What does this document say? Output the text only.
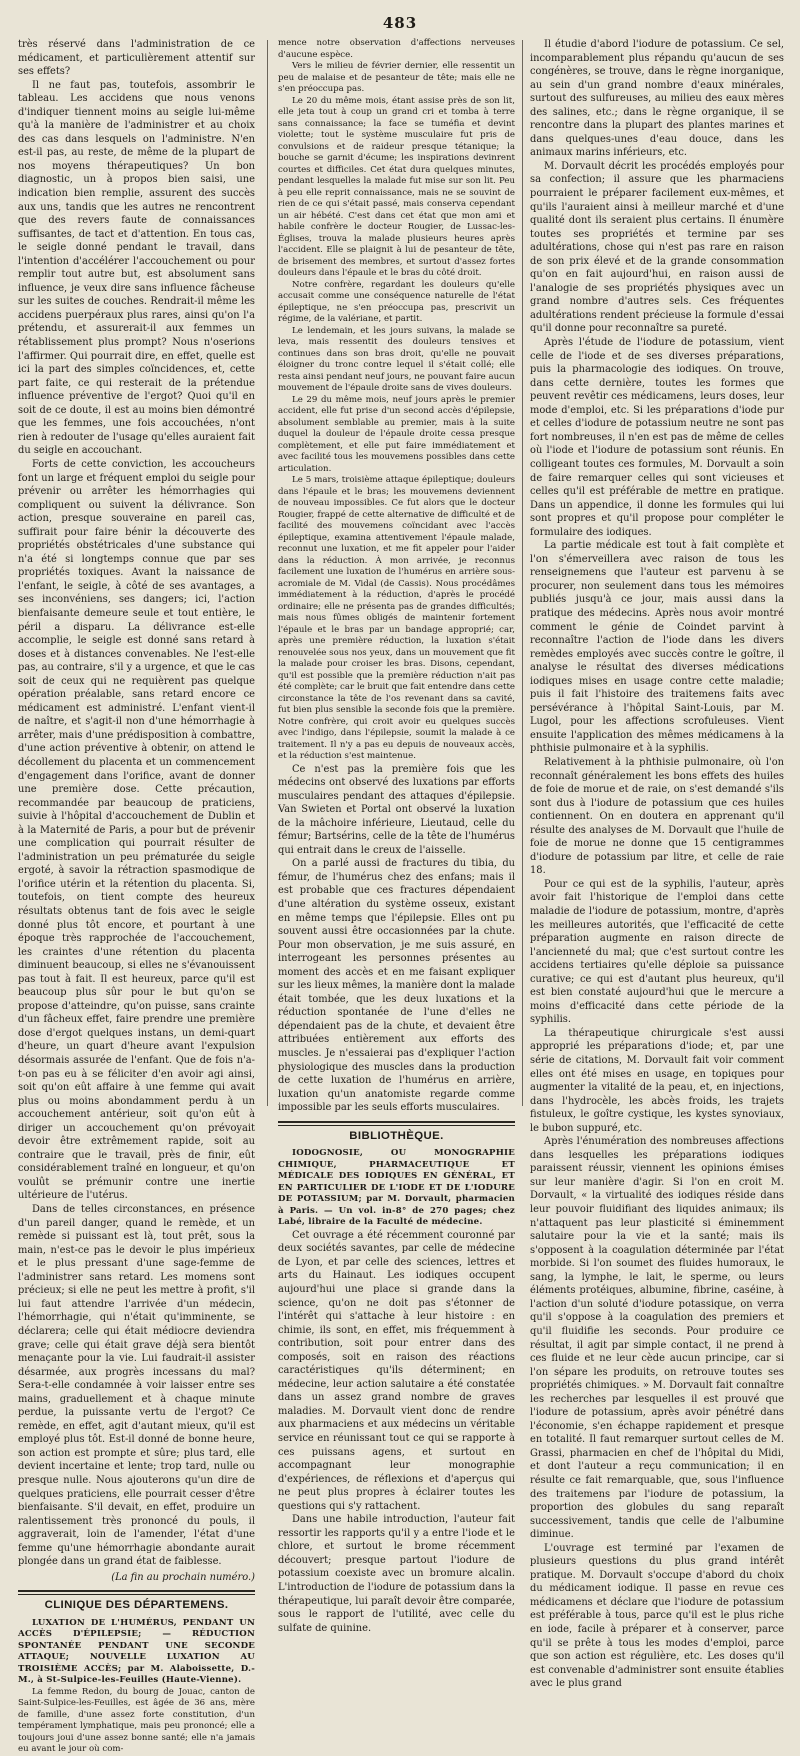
483

très réservé dans l'administration de ce médicament, et particulièrement attentif sur ses effets?

Il ne faut pas, toutefois, assombrir le tableau. Les accidens que nous venons d'indiquer tiennent moins au seigle lui-même qu'à la manière de l'administrer et au choix des cas dans lesquels on l'administre. N'en est-il pas, au reste, de même de la plupart de nos moyens thérapeutiques? Un bon diagnostic, un à propos bien saisi, une indication bien remplie, assurent des succès aux uns, tandis que les autres ne rencontrent que des revers faute de connaissances suffisantes, de tact et d'attention. En tous cas, le seigle donné pendant le travail, dans l'intention d'accélérer l'accouchement ou pour remplir tout autre but, est absolument sans influence, je veux dire sans influence fâcheuse sur les suites de couches. Rendrait-il même les accidens puerpéraux plus rares, ainsi qu'on l'a prétendu, et assurerait-il aux femmes un rétablissement plus prompt? Nous n'oserions l'affirmer. Qui pourrait dire, en effet, quelle est ici la part des simples coïncidences, et, cette part faite, ce qui resterait de la prétendue influence préventive de l'ergot? Quoi qu'il en soit de ce doute, il est au moins bien démontré que les femmes, une fois accouchées, n'ont rien à redouter de l'usage qu'elles auraient fait du seigle en accouchant.

Forts de cette conviction, les accoucheurs font un large et fréquent emploi du seigle pour prévenir ou arrêter les hémorrhagies qui compliquent ou suivent la délivrance. Son action, presque souveraine en pareil cas, suffirait pour faire bénir la découverte des propriétés obstétricales d'une substance qui n'a été si longtemps connue que par ses propriétés toxiques. Avant la naissance de l'enfant, le seigle, à côté de ses avantages, a ses inconvéniens, ses dangers; ici, l'action bienfaisante demeure seule et tout entière, le péril a disparu. La délivrance est-elle accomplie, le seigle est donné sans retard à doses et à distances convenables. Ne l'est-elle pas, au contraire, s'il y a urgence, et que le cas soit de ceux qui ne requièrent pas quelque opération préalable, sans retard encore ce médicament est administré. L'enfant vient-il de naître, et s'agit-il non d'une hémorrhagie à arrêter, mais d'une prédisposition à combattre, d'une action préventive à obtenir, on attend le décollement du placenta et un commencement d'engagement dans l'orifice, avant de donner une première dose. Cette précaution, recommandée par beaucoup de praticiens, suivie à l'hôpital d'accouchement de Dublin et à la Maternité de Paris, a pour but de prévenir une complication qui pourrait résulter de l'administration un peu prématurée du seigle ergoté, à savoir la rétraction spasmodique de l'orifice utérin et la rétention du placenta. Si, toutefois, on tient compte des heureux résultats obtenus tant de fois avec le seigle donné plus tôt encore, et pourtant à une époque très rapprochée de l'accouchement, les craintes d'une rétention du placenta diminuent beaucoup, si elles ne s'évanouissent pas tout à fait. Il est heureux, parce qu'il est beaucoup plus sûr pour le but qu'on se propose d'atteindre, qu'on puisse, sans crainte d'un fâcheux effet, faire prendre une première dose d'ergot quelques instans, un demi-quart d'heure, un quart d'heure avant l'expulsion désormais assurée de l'enfant. Que de fois n'a-t-on pas eu à se féliciter d'en avoir agi ainsi, soit qu'on eût affaire à une femme qui avait plus ou moins abondamment perdu à un accouchement antérieur, soit qu'on eût à diriger un accouchement qu'on prévoyait devoir être extrêmement rapide, soit au contraire que le travail, près de finir, eût considérablement traîné en longueur, et qu'on voulût se prémunir contre une inertie ultérieure de l'utérus.

Dans de telles circonstances, en présence d'un pareil danger, quand le remède, et un remède si puissant est là, tout prêt, sous la main, n'est-ce pas le devoir le plus impérieux et le plus pressant d'une sage-femme de l'administrer sans retard. Les momens sont précieux; si elle ne peut les mettre à profit, s'il lui faut attendre l'arrivée d'un médecin, l'hémorrhagie, qui n'était qu'imminente, se déclarera; celle qui était médiocre deviendra grave; celle qui était grave déjà sera bientôt menaçante pour la vie. Lui faudrait-il assister désarmée, aux progrès incessans du mal? Sera-t-elle condamnée à voir laisser entre ses mains, graduellement et à chaque minute perdue, la puissante vertu de l'ergot? Ce remède, en effet, agit d'autant mieux, qu'il est employé plus tôt. Est-il donné de bonne heure, son action est prompte et sûre; plus tard, elle devient incertaine et lente; trop tard, nulle ou presque nulle. Nous ajouterons qu'un dire de quelques praticiens, elle pourrait cesser d'être bienfaisante. S'il devait, en effet, produire un ralentissement très prononcé du pouls, il aggraverait, loin de l'amender, l'état d'une femme qu'une hémorrhagie abondante aurait plongée dans un grand état de faiblesse.

(La fin au prochain numéro.)
CLINIQUE DES DÉPARTEMENS.

LUXATION DE L'HUMÉRUS, PENDANT UN ACCÈS D'ÉPILEPSIE; — RÉDUCTION SPONTANÉE PENDANT UNE SECONDE ATTAQUE; NOUVELLE LUXATION AU TROISIÈME ACCÈS; par M. Alaboissette, D.-M., à St-Sulpice-les-Feuilles (Haute-Vienne).

La femme Redon, du bourg de Jouac, canton de Saint-Sulpice-les-Feuilles, est âgée de 36 ans, mère de famille, d'une assez forte constitution, d'un tempérament lymphatique, mais peu prononcé; elle a toujours joui d'une assez bonne santé; elle n'a jamais eu avant le jour où com-

mence notre observation d'affections nerveuses d'aucune espèce.

Vers le milieu de février dernier, elle ressentit un peu de malaise et de pesanteur de tête; mais elle ne s'en préoccupa pas.

Le 20 du même mois, étant assise près de son lit, elle jeta tout à coup un grand cri et tomba à terre sans connaissance; la face se tuméfia et devint violette; tout le système musculaire fut pris de convulsions et de raideur presque tétanique; la bouche se garnit d'écume; les inspirations devinrent courtes et difficiles. Cet état dura quelques minutes, pendant lesquelles la malade fut mise sur son lit. Peu à peu elle reprit connaissance, mais ne se souvint de rien de ce qui s'était passé, mais conserva cependant un air hébété. C'est dans cet état que mon ami et habile confrère le docteur Rougier, de Lussac-les-Églises, trouva la malade plusieurs heures après l'accident. Elle se plaignit à lui de pesanteur de tête, de brisement des membres, et surtout d'assez fortes douleurs dans l'épaule et le bras du côté droit.

Notre confrère, regardant les douleurs qu'elle accusait comme une conséquence naturelle de l'état épileptique, ne s'en préoccupa pas, prescrivit un régime, de la valériane, et partit.

Le lendemain, et les jours suivans, la malade se leva, mais ressentit des douleurs tensives et continues dans son bras droit, qu'elle ne pouvait éloigner du tronc contre lequel il s'était collé; elle resta ainsi pendant neuf jours, ne pouvant faire aucun mouvement de l'épaule droite sans de vives douleurs.

Le 29 du même mois, neuf jours après le premier accident, elle fut prise d'un second accès d'épilepsie, absolument semblable au premier, mais à la suite duquel la douleur de l'épaule droite cessa presque complètement, et elle put faire immédiatement et avec facilité tous les mouvemens possibles dans cette articulation.

Le 5 mars, troisième attaque épileptique; douleurs dans l'épaule et le bras; les mouvemens deviennent de nouveau impossibles. Ce fut alors que le docteur Rougier, frappé de cette alternative de difficulté et de facilité des mouvemens coïncidant avec l'accès épileptique, examina attentivement l'épaule malade, reconnut une luxation, et me fit appeler pour l'aider dans la réduction. À mon arrivée, je reconnus facilement une luxation de l'humérus en arrière sous-acromiale de M. Vidal (de Cassis). Nous procédâmes immédiatement à la réduction, d'après le procédé ordinaire; elle ne présenta pas de grandes difficultés; mais nous fûmes obligés de maintenir fortement l'épaule et le bras par un bandage approprié; car, après une première réduction, la luxation s'était renouvelée sous nos yeux, dans un mouvement que fit la malade pour croiser les bras. Disons, cependant, qu'il est possible que la première réduction n'ait pas été complète; car le bruit que fait entendre dans cette circonstance la tête de l'os revenant dans sa cavité, fut bien plus sensible la seconde fois que la première. Notre confrère, qui croit avoir eu quelques succès avec l'indigo, dans l'épilepsie, soumit la malade à ce traitement. Il n'y a pas eu depuis de nouveaux accès, et la réduction s'est maintenue.

Ce n'est pas la première fois que les médecins ont observé des luxations par efforts musculaires pendant des attaques d'épilepsie. Van Swieten et Portal ont observé la luxation de la mâchoire inférieure, Lieutaud, celle du fémur; Bartsérins, celle de la tête de l'humérus qui entrait dans le creux de l'aisselle.

On a parlé aussi de fractures du tibia, du fémur, de l'humérus chez des enfans; mais il est probable que ces fractures dépendaient d'une altération du système osseux, existant en même temps que l'épilepsie. Elles ont pu souvent aussi être occasionnées par la chute. Pour mon observation, je me suis assuré, en interrogeant les personnes présentes au moment des accès et en me faisant expliquer sur les lieux mêmes, la manière dont la malade était tombée, que les deux luxations et la réduction spontanée de l'une d'elles ne dépendaient pas de la chute, et devaient être attribuées entièrement aux efforts des muscles. Je n'essaierai pas d'expliquer l'action physiologique des muscles dans la production de cette luxation de l'humérus en arrière, luxation qu'un anatomiste regarde comme impossible par les seuls efforts musculaires.

BIBLIOTHÈQUE.

IODOGNOSIE, OU MONOGRAPHIE CHIMIQUE, PHARMACEUTIQUE ET MÉDICALE DES IODIQUES EN GÉNÉRAL, ET EN PARTICULIER DE L'IODE ET DE L'IODURE DE POTASSIUM; par M. Dorvault, pharmacien à Paris. — Un vol. in-8° de 270 pages; chez Labé, libraire de la Faculté de médecine.

Cet ouvrage a été récemment couronné par deux sociétés savantes, par celle de médecine de Lyon, et par celle des sciences, lettres et arts du Hainaut. Les iodiques occupent aujourd'hui une place si grande dans la science, qu'on ne doit pas s'étonner de l'intérêt qui s'attache à leur histoire : en chimie, ils sont, en effet, mis fréquemment à contribution, soit pour entrer dans des composés, soit en raison des réactions caractéristiques qu'ils déterminent; en médecine, leur action salutaire a été constatée dans un assez grand nombre de graves maladies. M. Dorvault vient donc de rendre aux pharmaciens et aux médecins un véritable service en réunissant tout ce qui se rapporte à ces puissans agens, et surtout en accompagnant leur monographie d'expériences, de réflexions et d'aperçus qui ne peut plus propres à éclairer toutes les questions qui s'y rattachent.

Dans une habile introduction, l'auteur fait ressortir les rapports qu'il y a entre l'iode et le chlore, et surtout le brome récemment découvert; presque partout l'iodure de potassium coexiste avec un bromure alcalin. L'introduction de l'iodure de potassium dans la thérapeutique, lui paraît devoir être comparée, sous le rapport de l'utilité, avec celle du sulfate de quinine.

Il étudie d'abord l'iodure de potassium. Ce sel, incomparablement plus répandu qu'aucun de ses congénères, se trouve, dans le règne inorganique, au sein d'un grand nombre d'eaux minérales, surtout des sulfureuses, au milieu des eaux mères des salines, etc.; dans le règne organique, il se rencontre dans la plupart des plantes marines et dans quelques-unes d'eau douce, dans les animaux marins inférieurs, etc.

M. Dorvault décrit les procédés employés pour sa confection; il assure que les pharmaciens pourraient le préparer facilement eux-mêmes, et qu'ils l'auraient ainsi à meilleur marché et d'une qualité dont ils seraient plus certains. Il énumère toutes ses propriétés et termine par ses adultérations, chose qui n'est pas rare en raison de son prix élevé et de la grande consommation qu'on en fait aujourd'hui, en raison aussi de l'analogie de ses propriétés physiques avec un grand nombre d'autres sels. Ces fréquentes adultérations rendent précieuse la formule d'essai qu'il donne pour reconnaître sa pureté.

Après l'étude de l'iodure de potassium, vient celle de l'iode et de ses diverses préparations, puis la pharmacologie des iodiques. On trouve, dans cette dernière, toutes les formes que peuvent revêtir ces médicamens, leurs doses, leur mode d'emploi, etc. Si les préparations d'iode pur et celles d'iodure de potassium neutre ne sont pas fort nombreuses, il n'en est pas de même de celles où l'iode et l'iodure de potassium sont réunis. En colligeant toutes ces formules, M. Dorvault a soin de faire remarquer celles qui sont vicieuses et celles qu'il est préférable de mettre en pratique. Dans un appendice, il donne les formules qui lui sont propres et qu'il propose pour compléter le formulaire des iodiques.

La partie médicale est tout à fait complète et l'on s'émerveillera avec raison de tous les renseignemens que l'auteur est parvenu à se procurer, non seulement dans tous les mémoires publiés jusqu'à ce jour, mais aussi dans la pratique des médecins. Après nous avoir montré comment le génie de Coindet parvint à reconnaître l'action de l'iode dans les divers remèdes employés avec succès contre le goître, il analyse le résultat des diverses médications iodiques mises en usage contre cette maladie; puis il fait l'histoire des traitemens faits avec persévérance à l'hôpital Saint-Louis, par M. Lugol, pour les affections scrofuleuses. Vient ensuite l'application des mêmes médicamens à la phthisie pulmonaire et à la syphilis.

Relativement à la phthisie pulmonaire, où l'on reconnaît généralement les bons effets des huiles de foie de morue et de raie, on s'est demandé s'ils sont dus à l'iodure de potassium que ces huiles contiennent. On en doutera en apprenant qu'il résulte des analyses de M. Dorvault que l'huile de foie de morue ne donne que 15 centigrammes d'iodure de potassium par litre, et celle de raie 18.

Pour ce qui est de la syphilis, l'auteur, après avoir fait l'historique de l'emploi dans cette maladie de l'iodure de potassium, montre, d'après les meilleures autorités, que l'efficacité de cette préparation augmente en raison directe de l'ancienneté du mal; que c'est surtout contre les accidens tertiaires qu'elle déploie sa puissance curative; ce qui est d'autant plus heureux, qu'il est bien constaté aujourd'hui que le mercure a moins d'efficacité dans cette période de la syphilis.

La thérapeutique chirurgicale s'est aussi approprié les préparations d'iode; et, par une série de citations, M. Dorvault fait voir comment elles ont été mises en usage, en topiques pour augmenter la vitalité de la peau, et, en injections, dans l'hydrocèle, les abcès froids, les trajets fistuleux, le goître cystique, les kystes synoviaux, le bubon suppuré, etc.

Après l'énumération des nombreuses affections dans lesquelles les préparations iodiques paraissent réussir, viennent les opinions émises sur leur manière d'agir. Si l'on en croit M. Dorvault, « la virtualité des iodiques réside dans leur pouvoir fluidifiant des liquides animaux; ils n'attaquent pas leur plasticité si éminemment salutaire pour la vie et la santé; mais ils s'opposent à la coagulation déterminée par l'état morbide. Si l'on soumet des fluides humoraux, le sang, la lymphe, le lait, le sperme, ou leurs éléments protéiques, albumine, fibrine, caséine, à l'action d'un soluté d'iodure potassique, on verra qu'il s'oppose à la coagulation des premiers et qu'il fluidifie les seconds. Pour produire ce résultat, il agit par simple contact, il ne prend à ces fluide et ne leur cède aucun principe, car si l'on sépare les produits, on retrouve toutes ses propriétés chimiques. » M. Dorvault fait connaître les recherches par lesquelles il est prouvé que l'iodure de potassium, après avoir pénétré dans l'économie, s'en échappe rapidement et presque en totalité. Il faut remarquer surtout celles de M. Grassi, pharmacien en chef de l'hôpital du Midi, et dont l'auteur a reçu communication; il en résulte ce fait remarquable, que, sous l'influence des traitemens par l'iodure de potassium, la proportion des globules du sang reparaît successivement, tandis que celle de l'albumine diminue.

L'ouvrage est terminé par l'examen de plusieurs questions du plus grand intérêt pratique. M. Dorvault s'occupe d'abord du choix du médicament iodique. Il passe en revue ces médicamens et déclare que l'iodure de potassium est préférable à tous, parce qu'il est le plus riche en iode, facile à préparer et à conserver, parce qu'il se prête à tous les modes d'emploi, parce que son action est régulière, etc. Les doses qu'il est convenable d'administrer sont ensuite établies avec le plus grand
